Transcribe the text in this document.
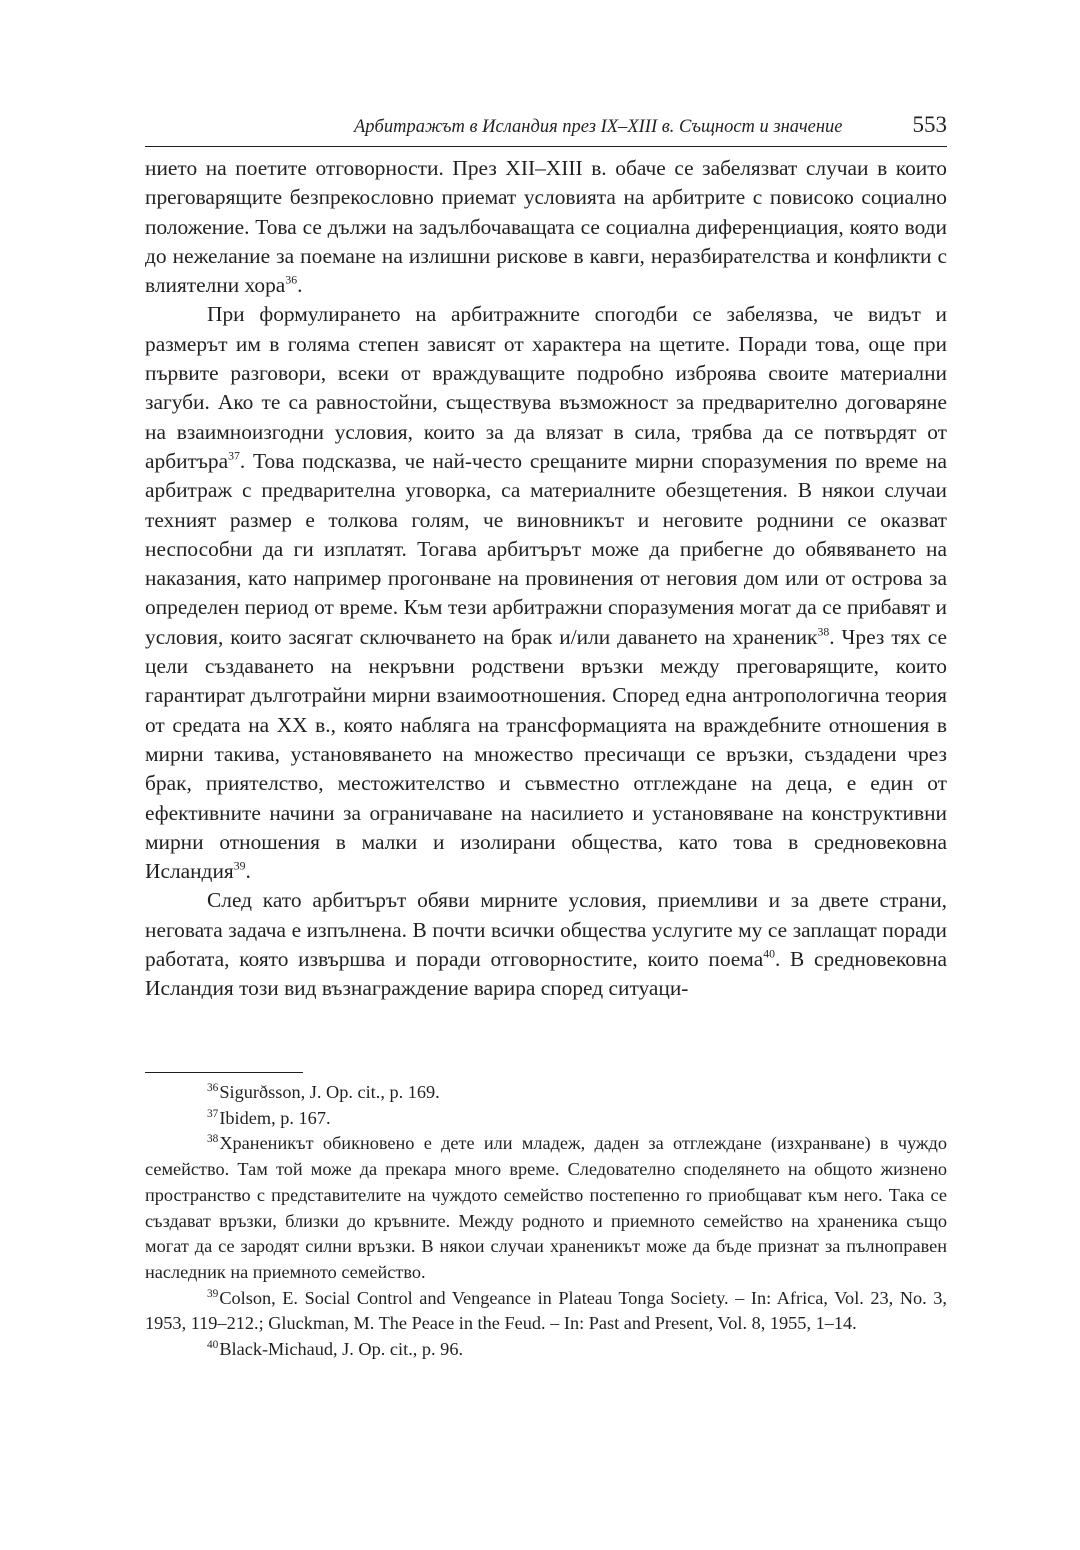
Арбитражът в Исландия през IX–XIII в. Същност и значение	553

нието на поетите отговорности. През XII–XIII в. обаче се забелязват случаи в които преговарящите безпрекословно приемат условията на арбитрите с повисоко социално положение. Това се дължи на задълбочаващата се социална диференциация, която води до нежелание за поемане на излишни рискове в кавги, неразбирателства и конфликти с влиятелни хора$^{36}$.

При формулирането на арбитражните спогодби се забелязва, че видът и размерът им в голяма степен зависят от характера на щетите. Поради това, още при първите разговори, всеки от враждуващите подробно изброява своите материални загуби. Ако те са равностойни, съществува възможност за предварително договаряне на взаимноизгодни условия, които за да влязат в сила, трябва да се потвърдят от арбитъра$^{37}$. Това подсказва, че най-често срещаните мирни споразумения по време на арбитраж с предварителна уговорка, са материалните обезщетения. В някои случаи техният размер е толкова голям, че виновникът и неговите роднини се оказват неспособни да ги изплатят. Тогава арбитърът може да прибегне до обявяването на наказания, като например прогонване на провинения от неговия дом или от острова за определен период от време. Към тези арбитражни споразумения могат да се прибавят и условия, които засягат сключването на брак и/или даването на храненик$^{38}$. Чрез тях се цели създаването на некръвни родствени връзки между преговарящите, които гарантират дълготрайни мирни взаимоотношения. Според една антропологична теория от средата на XX в., която набляга на трансформацията на враждебните отношения в мирни такива, установяването на множество пресичащи се връзки, създадени чрез брак, приятелство, местожителство и съвместно отглеждане на деца, е един от ефективните начини за ограничаване на насилието и установяване на конструктивни мирни отношения в малки и изолирани общества, като това в средновековна Исландия$^{39}$.

След като арбитърът обяви мирните условия, приемливи и за двете страни, неговата задача е изпълнена. В почти всички общества услугите му се заплащат поради работата, която извършва и поради отговорностите, които поема$^{40}$. В средновековна Исландия този вид възнаграждение варира според ситуаци-

$^{36}$Sigurðsson, J. Op. cit., p. 169.

$^{37}$Ibidem, p. 167.

$^{38}$Храненикът обикновено е дете или младеж, даден за отглеждане (изхранване) в чуждо семейство. Там той може да прекара много време. Следователно споделянето на общото жизнено пространство с представителите на чуждото семейство постепенно го приобщават към него. Така се създават връзки, близки до кръвните. Между родното и приемното семейство на храненика също могат да се зародят силни връзки. В някои случаи храненикът може да бъде признат за пълноправен наследник на приемното семейство.

$^{39}$Colson, E. Social Control and Vengeance in Plateau Tonga Society. – In: Africa, Vol. 23, No. 3, 1953, 119–212.; Gluckman, M. The Peace in the Feud. – In: Past and Present, Vol. 8, 1955, 1–14.

$^{40}$Black-Michaud, J. Op. cit., p. 96.
